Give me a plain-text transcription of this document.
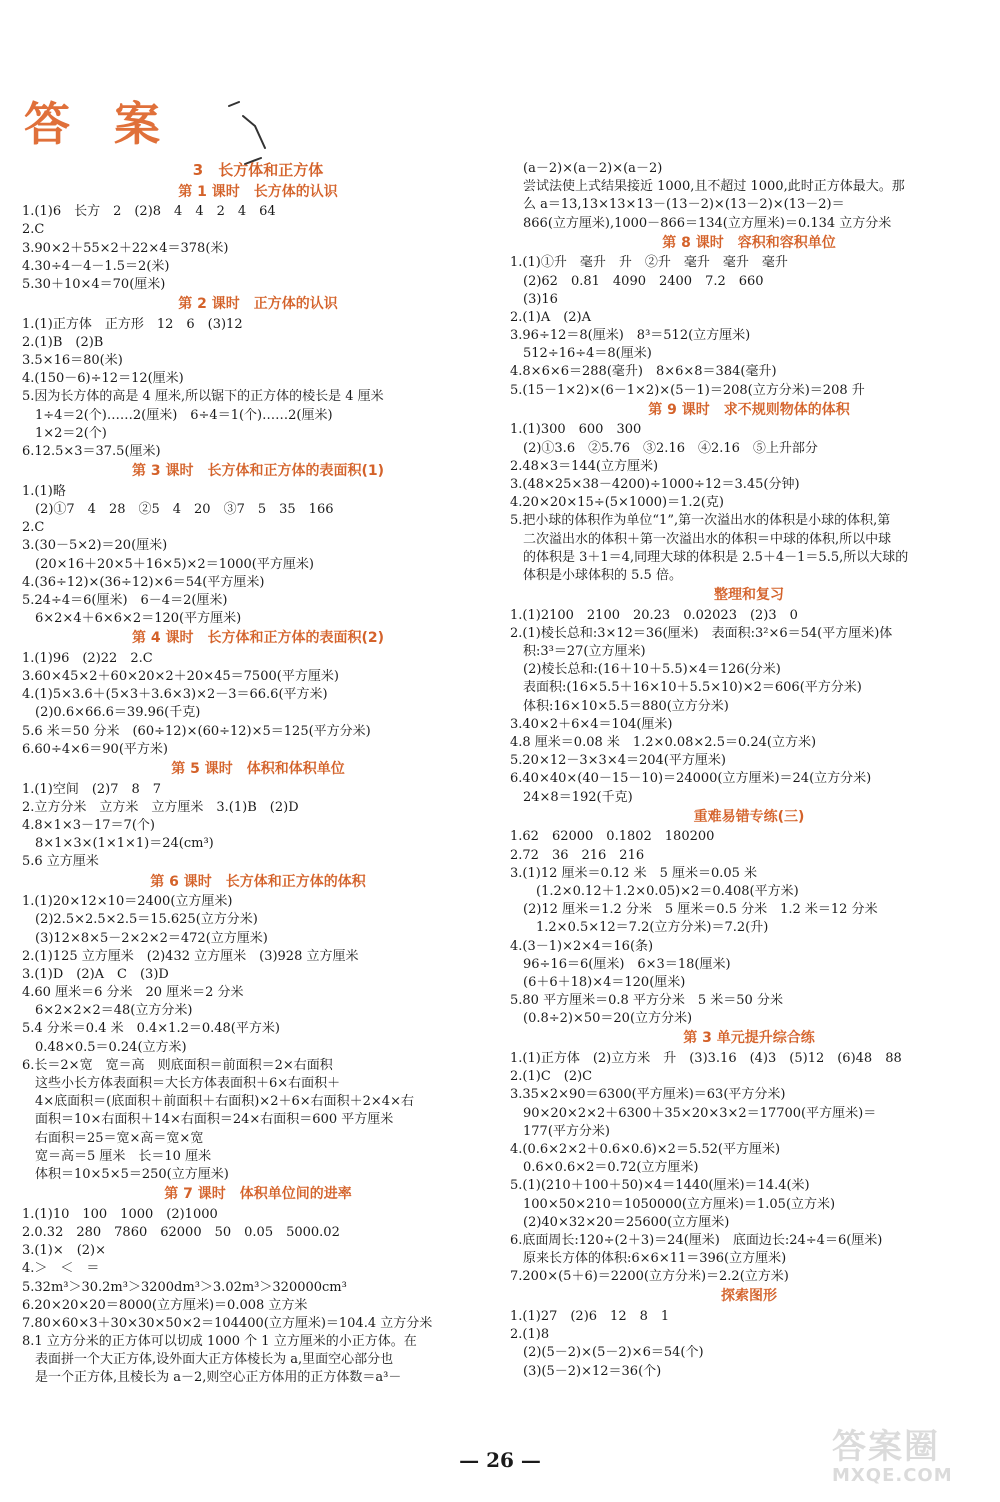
答 案
3　长方体和正方体
第 1 课时　长方体的认识
1.(1)6　长方　2　(2)8　4　4　2　4　64
2.C
3.90×2＋55×2＋22×4＝378(米)
4.30÷4－4－1.5＝2(米)
5.30＋10×4＝70(厘米)
第 2 课时　正方体的认识
1.(1)正方体　正方形　12　6　(3)12
2.(1)B　(2)B
3.5×16＝80(米)
4.(150－6)÷12＝12(厘米)
5.因为长方体的高是 4 厘米,所以锯下的正方体的棱长是 4 厘米
　1÷4＝2(个)……2(厘米)　6÷4＝1(个)……2(厘米)
　1×2＝2(个)
6.12.5×3＝37.5(厘米)
第 3 课时　长方体和正方体的表面积(1)
1.(1)略
　(2)①7　4　28　②5　4　20　③7　5　35　166
2.C
3.(30－5×2)＝20(厘米)
　(20×16＋20×5＋16×5)×2＝1000(平方厘米)
4.(36÷12)×(36÷12)×6＝54(平方厘米)
5.24÷4＝6(厘米)　6－4＝2(厘米)
　6×2×4＋6×6×2＝120(平方厘米)
第 4 课时　长方体和正方体的表面积(2)
1.(1)96　(2)22　2.C
3.60×45×2＋60×20×2＋20×45＝7500(平方厘米)
4.(1)5×3.6＋(5×3＋3.6×3)×2－3＝66.6(平方米)
　(2)0.6×66.6＝39.96(千克)
5.6 米＝50 分米　(60÷12)×(60÷12)×5＝125(平方分米)
6.60÷4×6＝90(平方米)
第 5 课时　体积和体积单位
1.(1)空间　(2)7　8　7
2.立方分米　立方米　立方厘米　3.(1)B　(2)D
4.8×1×3－17＝7(个)
　8×1×3×(1×1×1)＝24(cm³)
5.6 立方厘米
第 6 课时　长方体和正方体的体积
1.(1)20×12×10＝2400(立方厘米)
　(2)2.5×2.5×2.5＝15.625(立方分米)
　(3)12×8×5－2×2×2＝472(立方厘米)
2.(1)125 立方厘米　(2)432 立方厘米　(3)928 立方厘米
3.(1)D　(2)A　C　(3)D
4.60 厘米＝6 分米　20 厘米＝2 分米
　6×2×2×2＝48(立方分米)
5.4 分米＝0.4 米　0.4×1.2＝0.48(平方米)
　0.48×0.5＝0.24(立方米)
6.长＝2×宽　宽＝高　则底面积＝前面积＝2×右面积
　这些小长方体表面积＝大长方体表面积＋6×右面积＋
　4×底面积＝(底面积＋前面积＋右面积)×2＋6×右面积＋2×4×右
　面积＝10×右面积＋14×右面积＝24×右面积＝600 平方厘米
　右面积＝25＝宽×高＝宽×宽
　宽＝高＝5 厘米　长＝10 厘米
　体积＝10×5×5＝250(立方厘米)
第 7 课时　体积单位间的进率
1.(1)10　100　1000　(2)1000
2.0.32　280　7860　62000　50　0.05　5000.02
3.(1)×　(2)×
4.＞　＜　＝
5.32m³＞30.2m³＞3200dm³＞3.02m³＞320000cm³
6.20×20×20＝8000(立方厘米)＝0.008 立方米
7.80×60×3＋30×30×50×2＝104400(立方厘米)＝104.4 立方分米
8.1 立方分米的正方体可以切成 1000 个 1 立方厘米的小正方体。在
　表面拼一个大正方体,设外面大正方体棱长为 a,里面空心部分也
　是一个正方体,且棱长为 a－2,则空心正方体用的正方体数＝a³－
　(a－2)×(a－2)×(a－2)
　尝试法使上式结果接近 1000,且不超过 1000,此时正方体最大。那
　么 a＝13,13×13×13－(13－2)×(13－2)×(13－2)＝
　866(立方厘米),1000－866＝134(立方厘米)＝0.134 立方分米
第 8 课时　容积和容积单位
1.(1)①升　毫升　升　②升　毫升　毫升　毫升
　(2)62　0.81　4090　2400　7.2　660
　(3)16
2.(1)A　(2)A
3.96÷12＝8(厘米)　8³＝512(立方厘米)
　512÷16÷4＝8(厘米)
4.8×6×6＝288(毫升)　8×6×8＝384(毫升)
5.(15－1×2)×(6－1×2)×(5－1)＝208(立方分米)＝208 升
第 9 课时　求不规则物体的体积
1.(1)300　600　300
　(2)①3.6　②5.76　③2.16　④2.16　⑤上升部分
2.48×3＝144(立方厘米)
3.(48×25×38－4200)÷1000÷12＝3.45(分钟)
4.20×20×15÷(5×1000)＝1.2(克)
5.把小球的体积作为单位“1”,第一次溢出水的体积是小球的体积,第
　二次溢出水的体积＋第一次溢出水的体积＝中球的体积,所以中球
　的体积是 3＋1＝4,同理大球的体积是 2.5＋4－1＝5.5,所以大球的
　体积是小球体积的 5.5 倍。
整理和复习
1.(1)2100　2100　20.23　0.02023　(2)3　0
2.(1)棱长总和:3×12＝36(厘米)　表面积:3²×6＝54(平方厘米)体
　积:3³＝27(立方厘米)
　(2)棱长总和:(16＋10＋5.5)×4＝126(分米)
　表面积:(16×5.5＋16×10＋5.5×10)×2＝606(平方分米)
　体积:16×10×5.5＝880(立方分米)
3.40×2＋6×4＝104(厘米)
4.8 厘米＝0.08 米　1.2×0.08×2.5＝0.24(立方米)
5.20×12－3×3×4＝204(平方厘米)
6.40×40×(40－15－10)＝24000(立方厘米)＝24(立方分米)
　24×8＝192(千克)
重难易错专练(三)
1.62　62000　0.1802　180200
2.72　36　216　216
3.(1)12 厘米＝0.12 米　5 厘米＝0.05 米
　　(1.2×0.12＋1.2×0.05)×2＝0.408(平方米)
　(2)12 厘米＝1.2 分米　5 厘米＝0.5 分米　1.2 米＝12 分米
　　1.2×0.5×12＝7.2(立方分米)＝7.2(升)
4.(3－1)×2×4＝16(条)
　96÷16＝6(厘米)　6×3＝18(厘米)
　(6＋6＋18)×4＝120(厘米)
5.80 平方厘米＝0.8 平方分米　5 米＝50 分米
　(0.8÷2)×50＝20(立方分米)
第 3 单元提升综合练
1.(1)正方体　(2)立方米　升　(3)3.16　(4)3　(5)12　(6)48　88
2.(1)C　(2)C
3.35×2×90＝6300(平方厘米)＝63(平方分米)
　90×20×2×2＋6300＋35×20×3×2＝17700(平方厘米)＝
　177(平方分米)
4.(0.6×2×2＋0.6×0.6)×2＝5.52(平方厘米)
　0.6×0.6×2＝0.72(立方厘米)
5.(1)(210＋100＋50)×4＝1440(厘米)＝14.4(米)
　100×50×210＝1050000(立方厘米)＝1.05(立方米)
　(2)40×32×20＝25600(立方厘米)
6.底面周长:120÷(2＋3)＝24(厘米)　底面边长:24÷4＝6(厘米)
　原来长方体的体积:6×6×11＝396(立方厘米)
7.200×(5＋6)＝2200(立方分米)＝2.2(立方米)
探索图形
1.(1)27　(2)6　12　8　1
2.(1)8
　(2)(5－2)×(5－2)×6＝54(个)
　(3)(5－2)×12＝36(个)
— 26 —	答案圈
MXQE.COM
